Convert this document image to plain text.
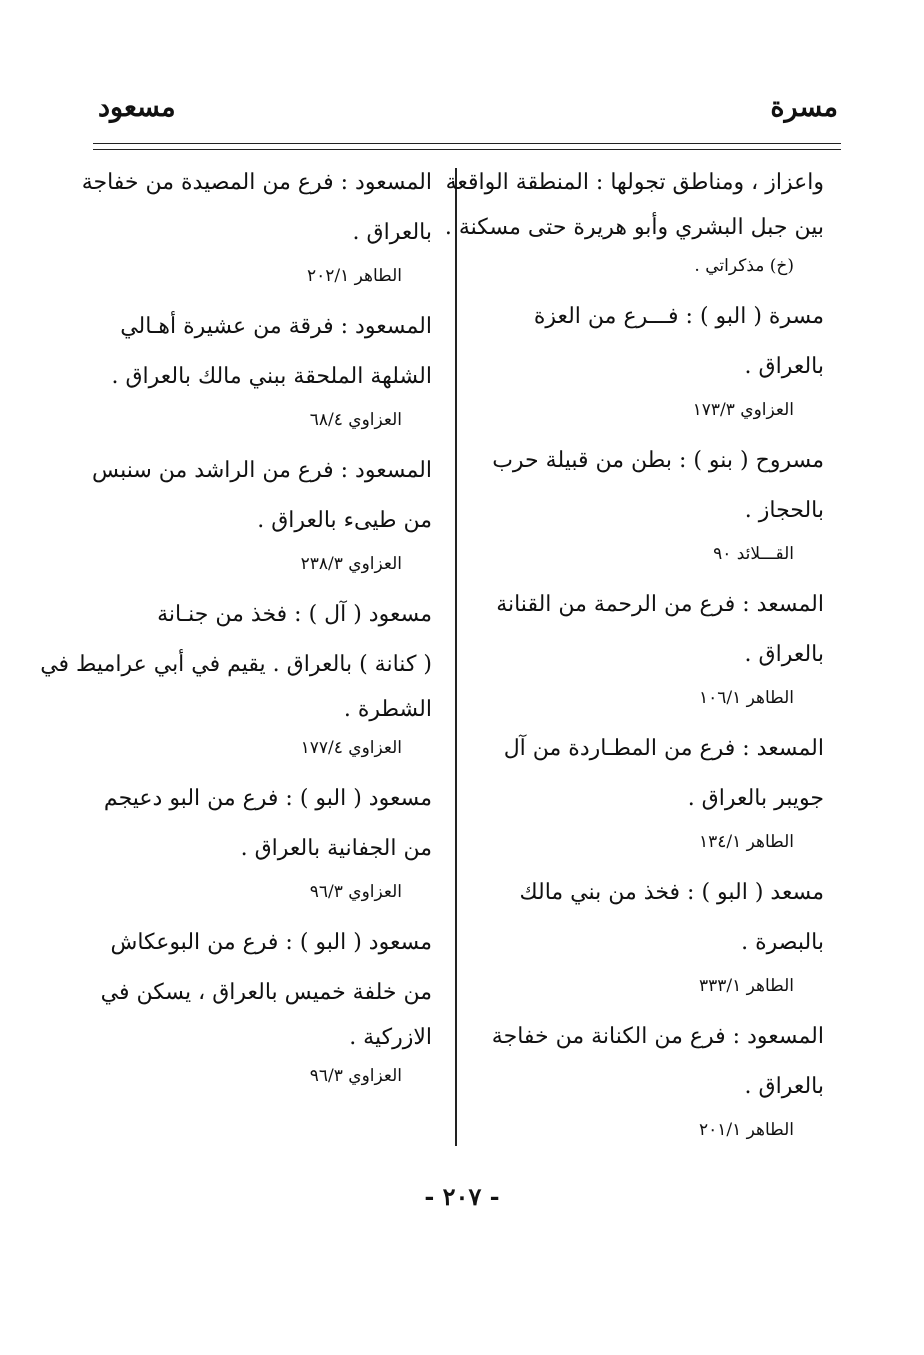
مسرة
مسعود

واعزاز ، ومناطق تجولها : المنطقة الواقعة

بين جبل البشري وأبو هريرة حتى مسكنة .

(خ) مذكراتي .

مسرة ( البو ) : فـــرع من العزة

بالعراق .

العزاوي ١٧٣/٣

مسروح ( بنو ) : بطن من قبيلة حرب

بالحجاز .

القـــلائد ٩٠

المسعد : فرع من الرحمة من القنانة

بالعراق .

الطاهر ١٠٦/١

المسعد : فرع من المطـاردة من آل

جويبر بالعراق .

الطاهر ١٣٤/١

مسعد ( البو ) : فخذ من بني مالك

بالبصرة .

الطاهر ٣٣٣/١

المسعود : فرع من الكنانة من خفاجة

بالعراق .

الطاهر ٢٠١/١

المسعود : فرع من المصيدة من خفاجة

بالعراق .

الطاهر ٢٠٢/١

المسعود : فرقة من عشيرة أهـالي

الشلهة الملحقة ببني مالك بالعراق .

العزاوي ٦٨/٤

المسعود : فرع من الراشد من سنبس

من طيىء بالعراق .

العزاوي ٢٣٨/٣

مسعود ( آل ) : فخذ من جنـانة

( كنانة ) بالعراق . يقيم في أبي عراميط في

الشطرة .

العزاوي ١٧٧/٤

مسعود ( البو ) : فرع من البو دعيجم

من الجفانية بالعراق .

العزاوي ٩٦/٣

مسعود ( البو ) : فرع من البوعكاش

من خلفة خميس بالعراق ، يسكن في

الازركية .

العزاوي ٩٦/٣

- ٢٠٧ -
